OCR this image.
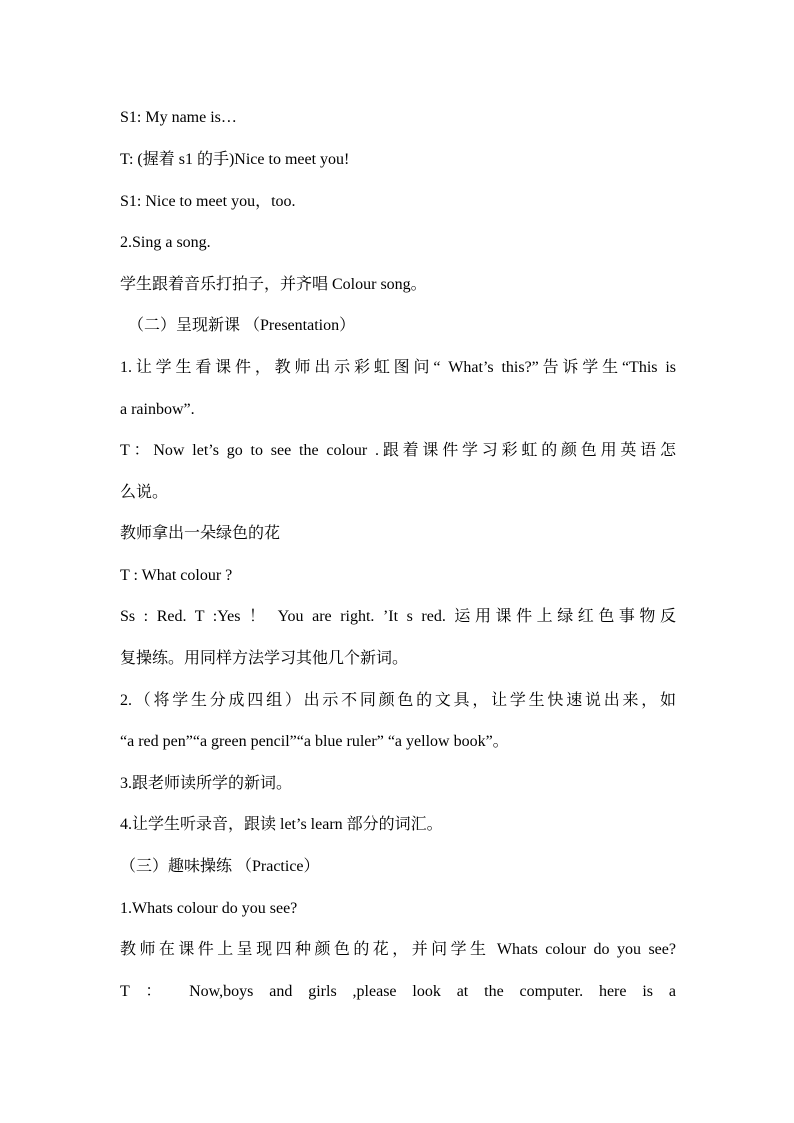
S1: My name is…
T: (握着 s1 的手)Nice to meet you!
S1: Nice to meet you，too.
2.Sing a song.
学生跟着音乐打拍子，并齐唱 Colour song。
（二）呈现新课 （Presentation）
1.让学生看课件，教师出示彩虹图问“ What’s this?”告诉学生“This is
a rainbow”.
T：Now let’s go to see the colour .跟着课件学习彩虹的颜色用英语怎
么说。
教师拿出一朵绿色的花
T : What colour ?
Ss : Red. T :Yes ！ You are right. ’It s red. 运用课件上绿红色事物反
复操练。用同样方法学习其他几个新词。
2.（将学生分成四组）出示不同颜色的文具，让学生快速说出来，如
“a red pen”“a green pencil”“a blue ruler” “a yellow book”。
3.跟老师读所学的新词。
4.让学生听录音，跟读 let’s learn 部分的词汇。
（三）趣味操练 （Practice）
1.Whats colour do you see?
教师在课件上呈现四种颜色的花，并问学生 Whats colour do you see?
T ： Now,boys and girls ,please look at the computer. here is a
